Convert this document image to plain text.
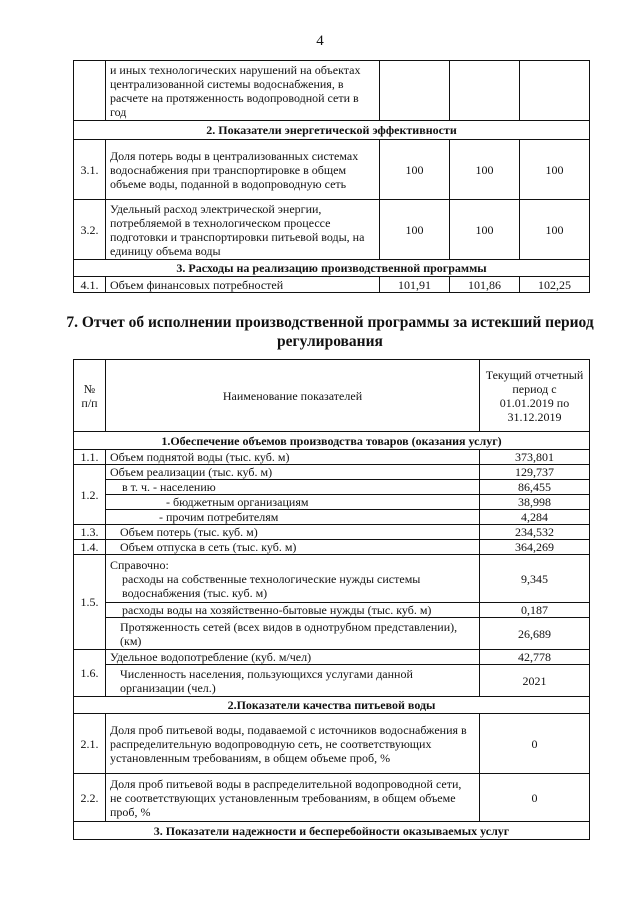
4
	и иных технологических нарушений на объектах централизованной системы водоснабжения, в расчете на протяженность водопроводной сети в год			
2. Показатели энергетической эффективности				
3.1.	Доля потерь воды в централизованных системах водоснабжения при транспортировке в общем объеме воды, поданной в водопроводную сеть	100	100	100
3.2.	Удельный расход электрической энергии, потребляемой в технологическом процессе подготовки и транспортировки питьевой воды, на единицу объема воды	100	100	100
3. Расходы на реализацию производственной программы				
4.1.	Объем финансовых потребностей	101,91	101,86	102,25
7. Отчет об исполнении производственной программы за истекший период регулирования
№ п/п	Наименование показателей	Текущий отчетный период с 01.01.2019 по 31.12.2019
1.Обеспечение объемов производства товаров (оказания услуг)		
1.1.	Объем поднятой воды (тыс. куб. м)	373,801
1.2.	Объем реализации (тыс. куб. м)	129,737
	в т. ч. - населению	86,455
	- бюджетным организациям	38,998
	- прочим потребителям	4,284
1.3.	Объем потерь (тыс. куб. м)	234,532
1.4.	Объем отпуска в сеть (тыс. куб. м)	364,269
1.5.	Справочно:
расходы на собственные технологические нужды системы водоснабжения (тыс. куб. м)	9,345
	расходы воды на хозяйственно-бытовые нужды (тыс. куб. м)	0,187
	Протяженность сетей (всех видов в однотрубном представлении), (км)	26,689
1.6.	Удельное водопотребление (куб. м/чел)	42,778
	Численность населения, пользующихся услугами данной организации (чел.)	2021
2.Показатели качества питьевой воды		
2.1.	Доля проб питьевой воды, подаваемой с источников водоснабжения в распределительную водопроводную сеть, не соответствующих установленным требованиям, в общем объеме проб, %	0
2.2.	Доля проб питьевой воды в распределительной водопроводной сети, не соответствующих установленным требованиям, в общем объеме проб, %	0
3. Показатели надежности и бесперебойности оказываемых услуг		
